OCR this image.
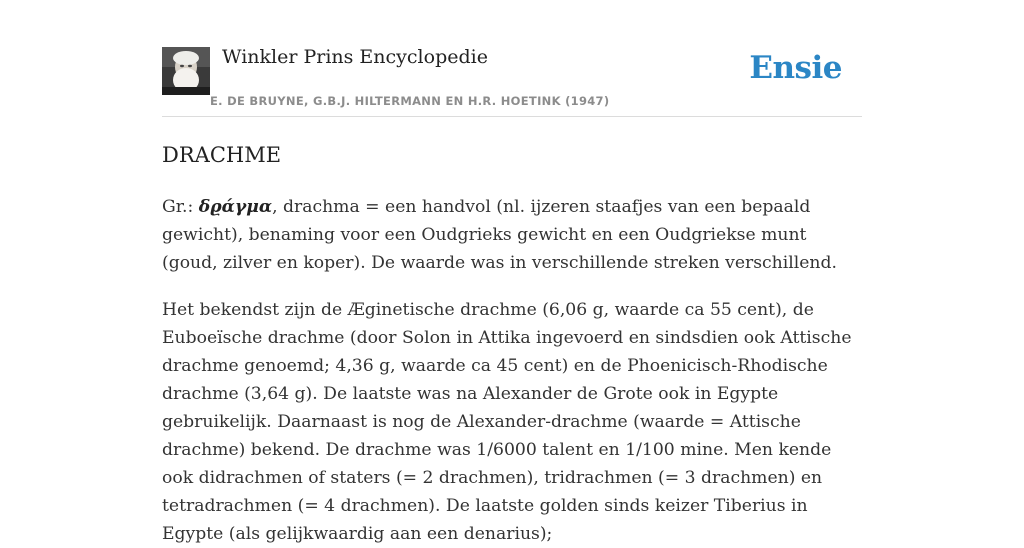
Winkler Prins Encyclopedie
E. DE BRUYNE, G.B.J. HILTERMANN EN H.R. HOETINK (1947)
Ensie
DRACHME

Gr.: δϱάγμα, drachma = een handvol (nl. ijzeren staafjes van een bepaald gewicht), benaming voor een Oudgrieks gewicht en een Oudgriekse munt (goud, zilver en koper). De waarde was in verschillende streken verschillend.

Het bekendst zijn de Æginetische drachme (6,06 g, waarde ca 55 cent), de Euboeïsche drachme (door Solon in Attika ingevoerd en sindsdien ook Attische drachme genoemd; 4,36 g, waarde ca 45 cent) en de Phoenicisch-Rhodische drachme (3,64 g). De laatste was na Alexander de Grote ook in Egypte gebruikelijk. Daarnaast is nog de Alexander-drachme (waarde = Attische drachme) bekend. De drachme was 1/6000 talent en 1/100 mine. Men kende ook didrachmen of staters (= 2 drachmen), tridrachmen (= 3 drachmen) en tetradrachmen (= 4 drachmen). De laatste golden sinds keizer Tiberius in Egypte (als gelijkwaardig aan een denarius);
